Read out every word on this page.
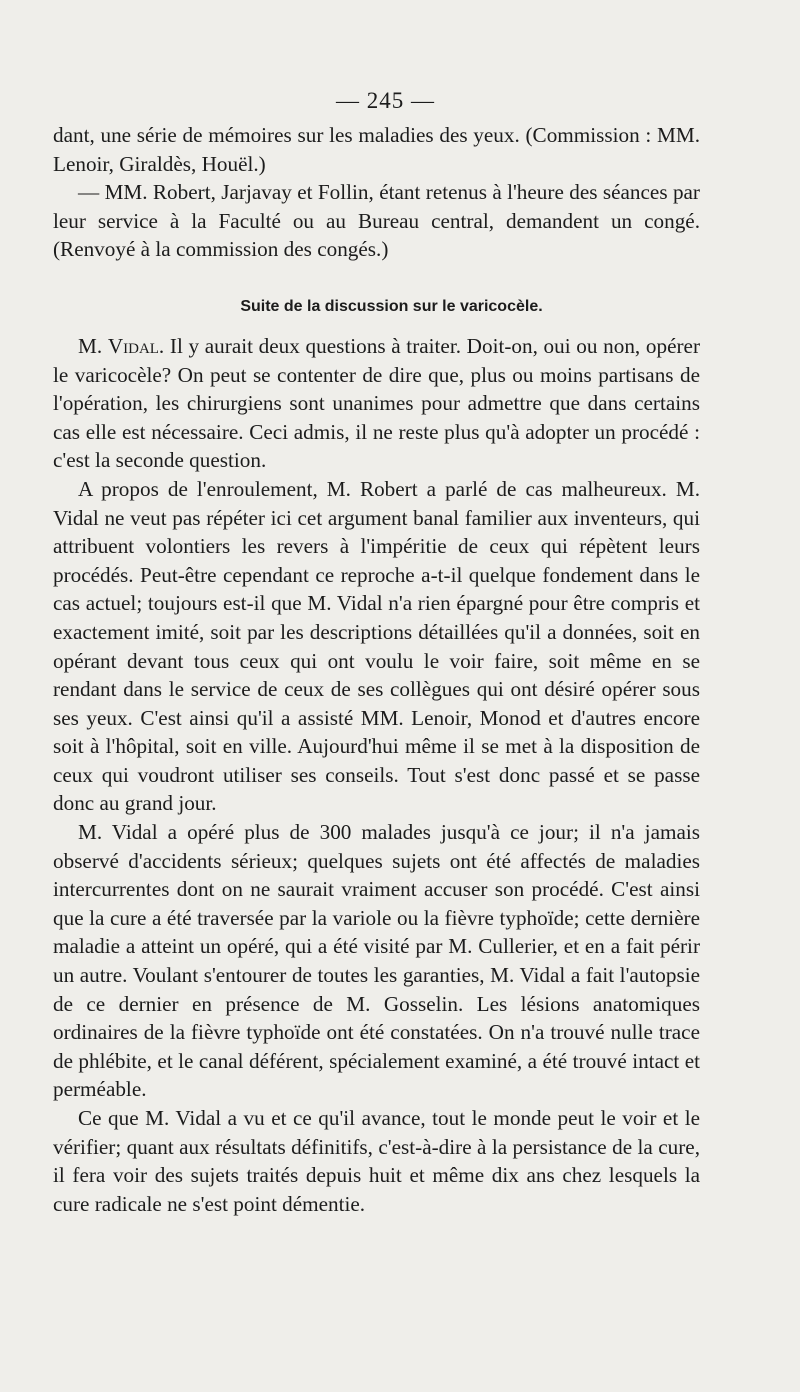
— 245 —

dant, une série de mémoires sur les maladies des yeux. (Commission : MM. Lenoir, Giraldès, Houël.)

— MM. Robert, Jarjavay et Follin, étant retenus à l'heure des séances par leur service à la Faculté ou au Bureau central, demandent un congé. (Renvoyé à la commission des congés.)

Suite de la discussion sur le varicocèle.

M. Vidal. Il y aurait deux questions à traiter. Doit-on, oui ou non, opérer le varicocèle? On peut se contenter de dire que, plus ou moins partisans de l'opération, les chirurgiens sont unanimes pour admettre que dans certains cas elle est nécessaire. Ceci admis, il ne reste plus qu'à adopter un procédé : c'est la seconde question.

A propos de l'enroulement, M. Robert a parlé de cas malheureux. M. Vidal ne veut pas répéter ici cet argument banal familier aux inventeurs, qui attribuent volontiers les revers à l'impéritie de ceux qui répètent leurs procédés. Peut-être cependant ce reproche a-t-il quelque fondement dans le cas actuel; toujours est-il que M. Vidal n'a rien épargné pour être compris et exactement imité, soit par les descriptions détaillées qu'il a données, soit en opérant devant tous ceux qui ont voulu le voir faire, soit même en se rendant dans le service de ceux de ses collègues qui ont désiré opérer sous ses yeux. C'est ainsi qu'il a assisté MM. Lenoir, Monod et d'autres encore soit à l'hôpital, soit en ville. Aujourd'hui même il se met à la disposition de ceux qui voudront utiliser ses conseils. Tout s'est donc passé et se passe donc au grand jour.

M. Vidal a opéré plus de 300 malades jusqu'à ce jour; il n'a jamais observé d'accidents sérieux; quelques sujets ont été affectés de maladies intercurrentes dont on ne saurait vraiment accuser son procédé. C'est ainsi que la cure a été traversée par la variole ou la fièvre typhoïde; cette dernière maladie a atteint un opéré, qui a été visité par M. Cullerier, et en a fait périr un autre. Voulant s'entourer de toutes les garanties, M. Vidal a fait l'autopsie de ce dernier en présence de M. Gosselin. Les lésions anatomiques ordinaires de la fièvre typhoïde ont été constatées. On n'a trouvé nulle trace de phlébite, et le canal déférent, spécialement examiné, a été trouvé intact et perméable.

Ce que M. Vidal a vu et ce qu'il avance, tout le monde peut le voir et le vérifier; quant aux résultats définitifs, c'est-à-dire à la persistance de la cure, il fera voir des sujets traités depuis huit et même dix ans chez lesquels la cure radicale ne s'est point démentie.
